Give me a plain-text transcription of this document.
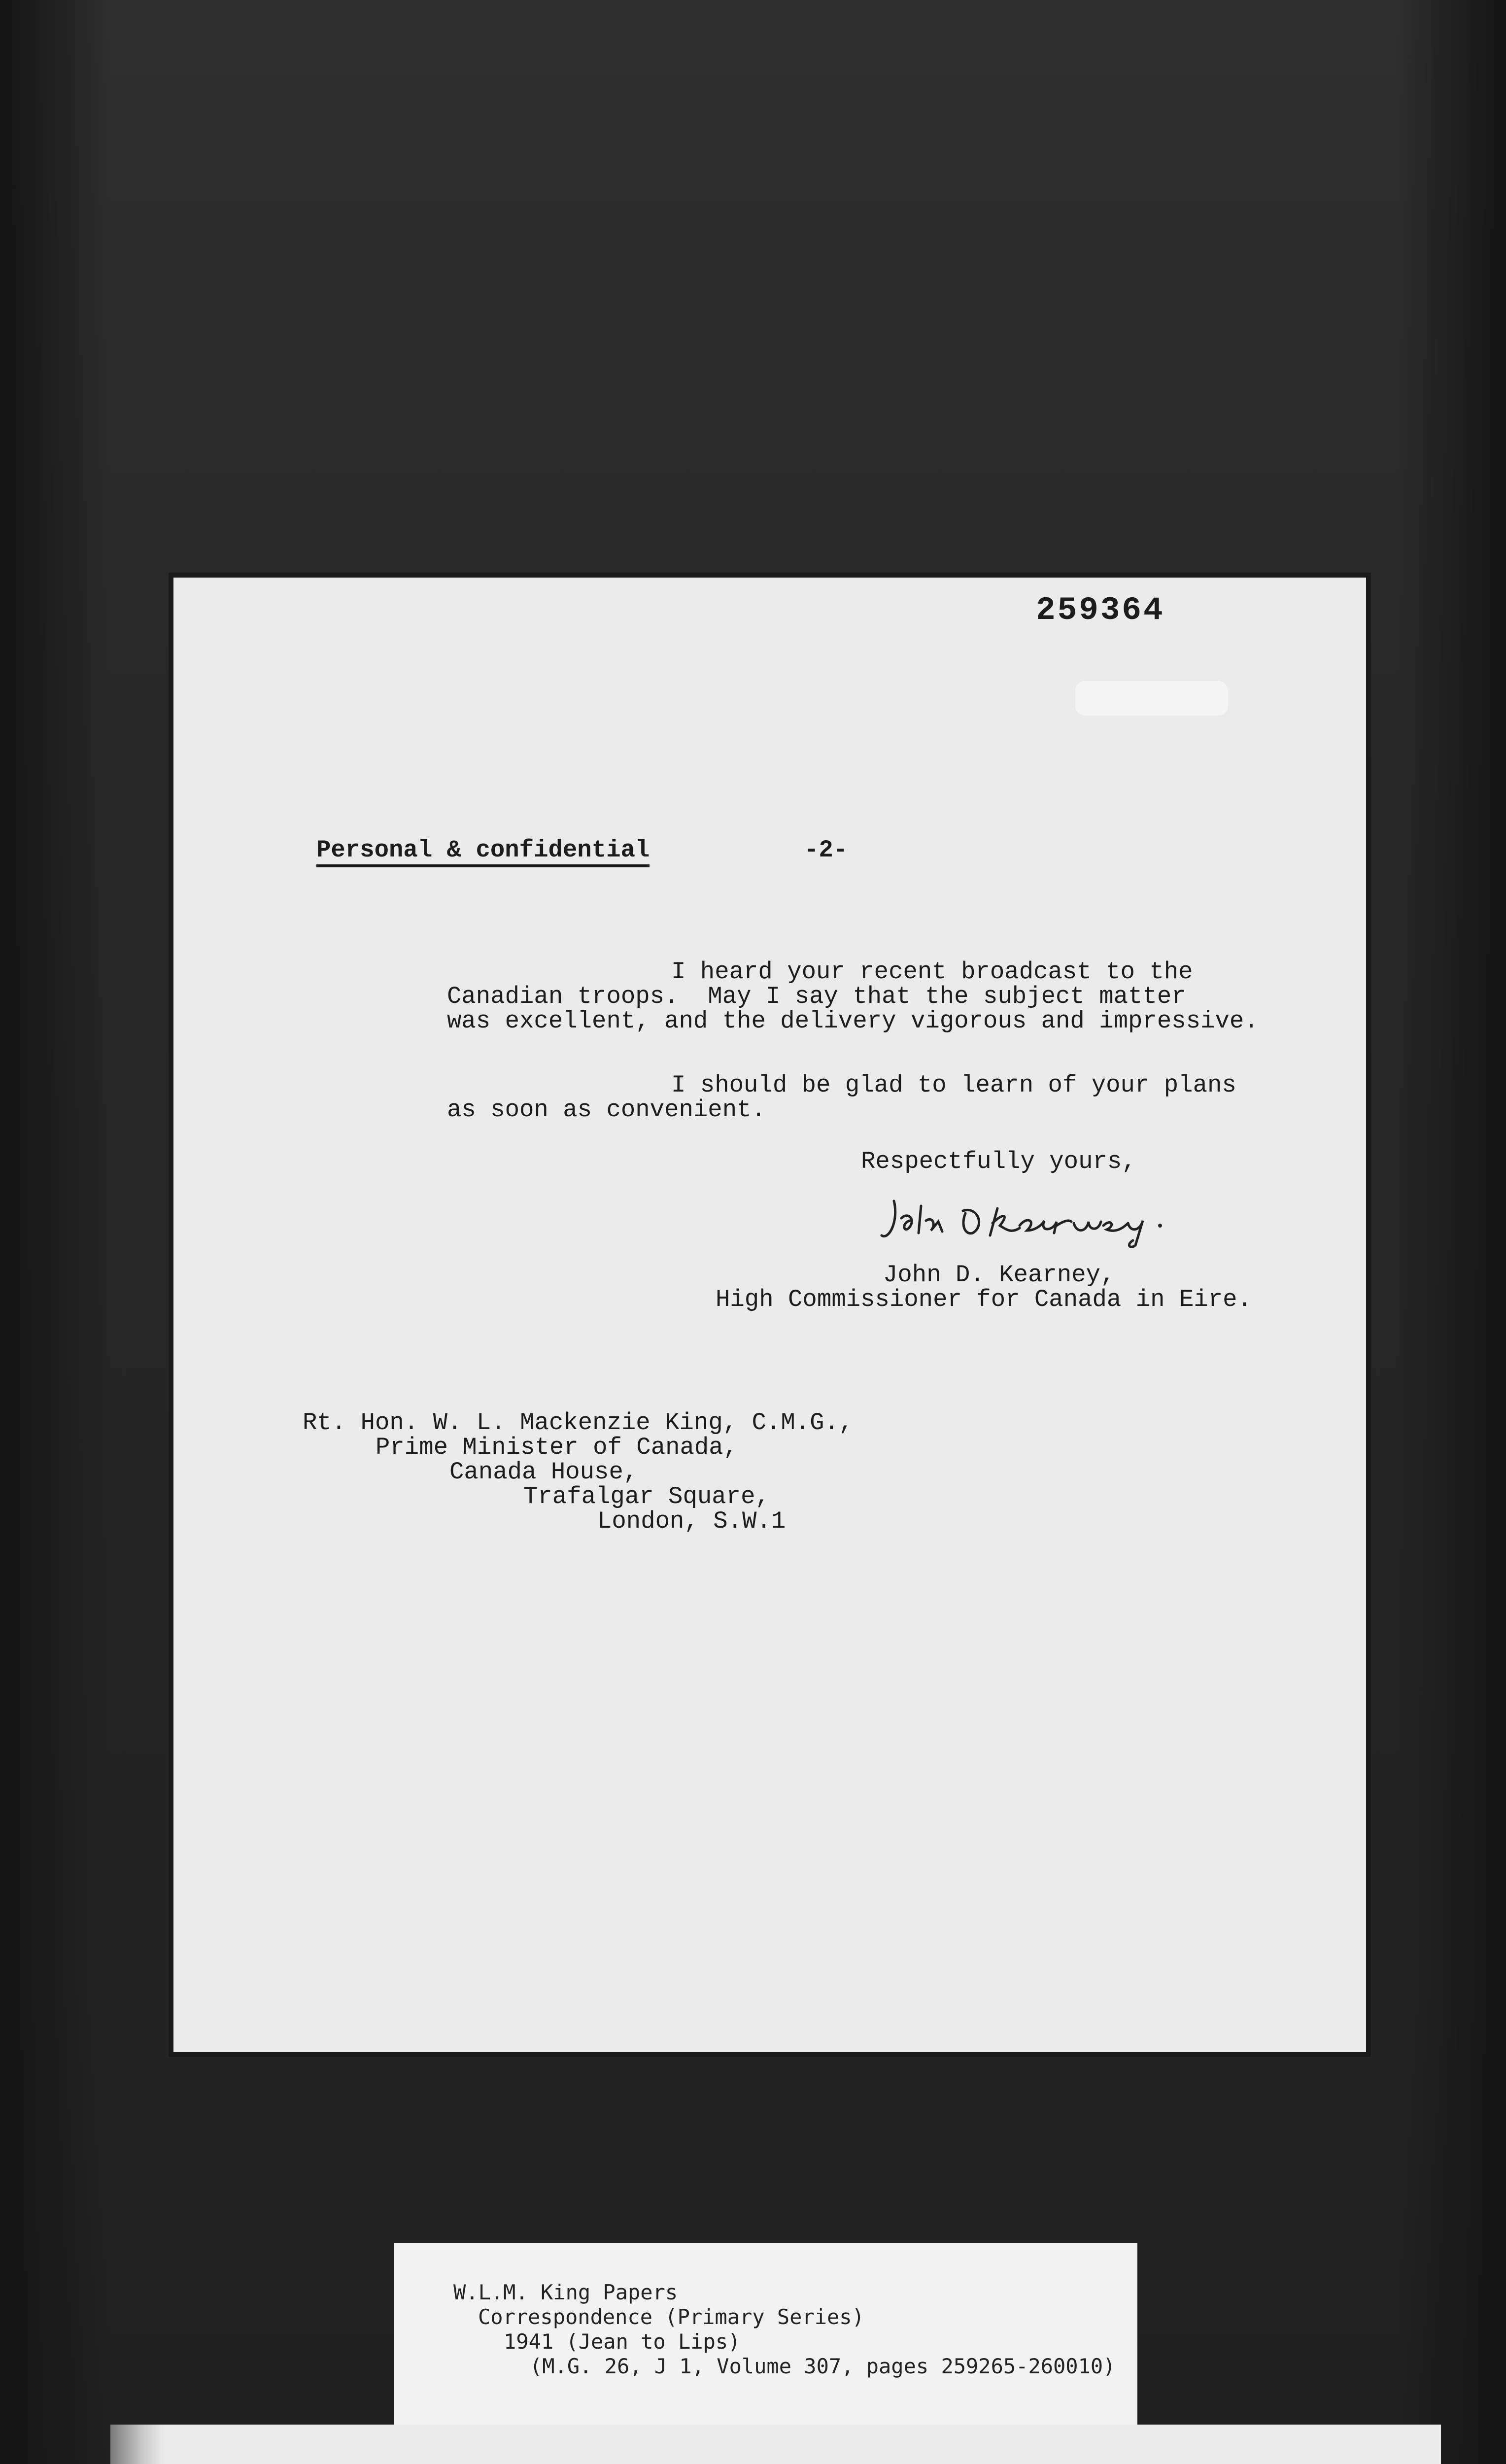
259364
Personal & confidential	-2-
I heard your recent broadcast to the
Canadian troops.  May I say that the subject matter
was excellent, and the delivery vigorous and impressive.
I should be glad to learn of your plans
as soon as convenient.
Respectfully yours,
John D. Kearney,
High Commissioner for Canada in Eire.
Rt. Hon. W. L. Mackenzie King, C.M.G.,
Prime Minister of Canada,
Canada House,
Trafalgar Square,
London, S.W.1
W.L.M. King Papers
Correspondence (Primary Series)
1941 (Jean to Lips)
(M.G. 26, J 1, Volume 307, pages 259265-260010)
